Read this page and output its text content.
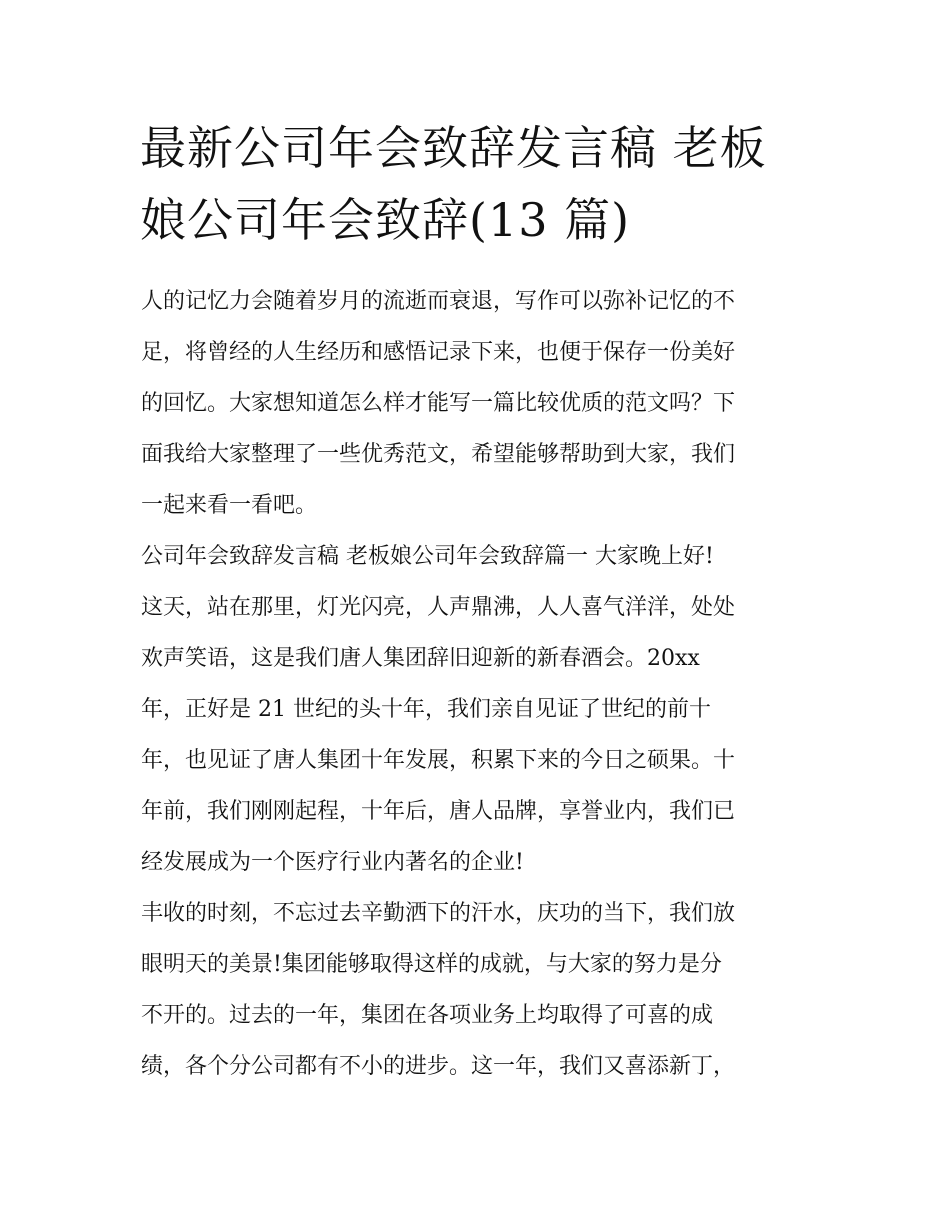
最新公司年会致辞发言稿 老板
娘公司年会致辞(13 篇)
人的记忆力会随着岁月的流逝而衰退，写作可以弥补记忆的不
足，将曾经的人生经历和感悟记录下来，也便于保存一份美好
的回忆。大家想知道怎么样才能写一篇比较优质的范文吗？下
面我给大家整理了一些优秀范文，希望能够帮助到大家，我们
一起来看一看吧。
公司年会致辞发言稿 老板娘公司年会致辞篇一 大家晚上好!
这天，站在那里，灯光闪亮，人声鼎沸，人人喜气洋洋，处处
欢声笑语，这是我们唐人集团辞旧迎新的新春酒会。20xx
年，正好是 21 世纪的头十年，我们亲自见证了世纪的前十
年，也见证了唐人集团十年发展，积累下来的今日之硕果。十
年前，我们刚刚起程，十年后，唐人品牌，享誉业内，我们已
经发展成为一个医疗行业内著名的企业!
丰收的时刻，不忘过去辛勤洒下的汗水，庆功的当下，我们放
眼明天的美景!集团能够取得这样的成就，与大家的努力是分
不开的。过去的一年，集团在各项业务上均取得了可喜的成
绩，各个分公司都有不小的进步。这一年，我们又喜添新丁，
